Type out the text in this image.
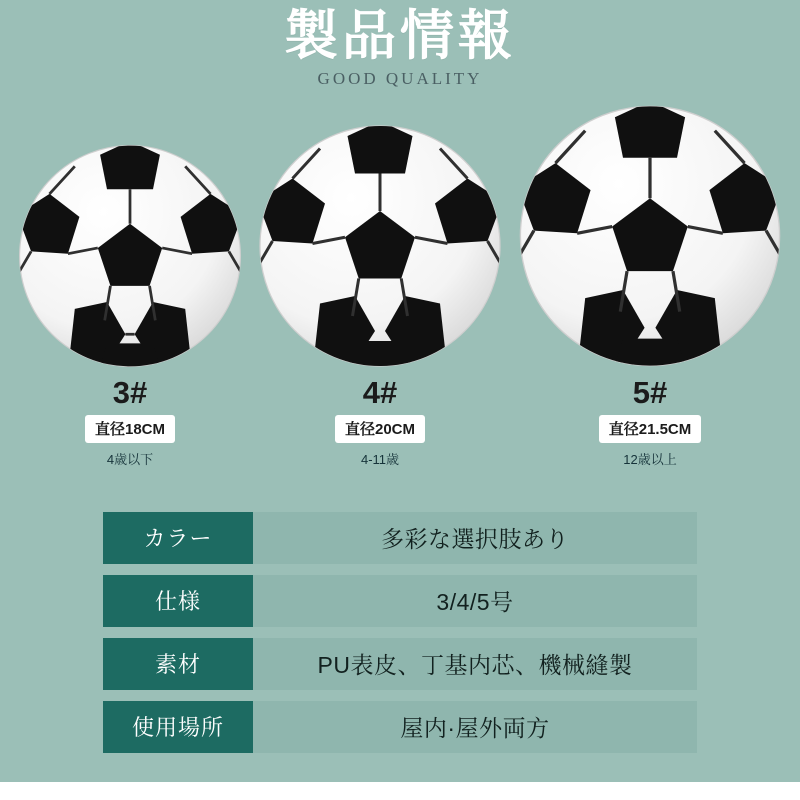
製品情報
GOOD QUALITY
3#
直径18CM
4歳以下
4#
直径20CM
4-11歳
5#
直径21.5CM
12歳以上
カラー	多彩な選択肢あり
仕様	3/4/5号
素材	PU表皮、丁基内芯、機械縫製
使用場所	屋内·屋外両方
